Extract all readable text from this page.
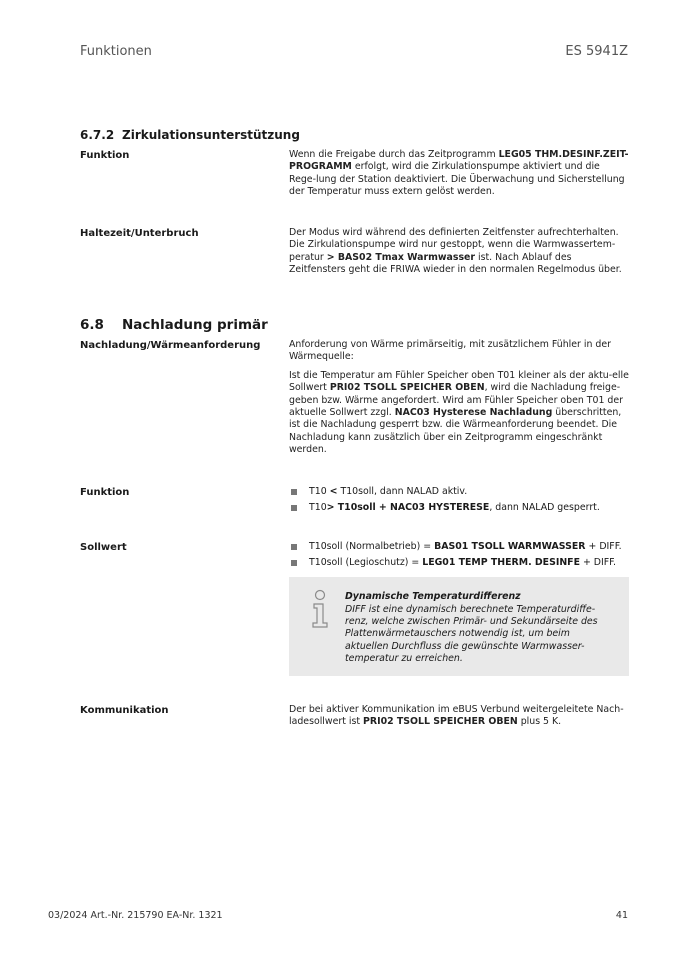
Funktionen	ES 5941Z
6.7.2 Zirkulationsunterstützung
Funktion	Wenn die Freigabe durch das Zeitprogramm LEG05 THM.DESINF.ZEIT-PROGRAMM erfolgt, wird die Zirkulationspumpe aktiviert und die Rege-lung der Station deaktiviert. Die Überwachung und Sicherstellung der Temperatur muss extern gelöst werden.

Haltezeit/Unterbruch	Der Modus wird während des definierten Zeitfenster aufrechterhalten. Die Zirkulationspumpe wird nur gestoppt, wenn die Warmwassertem-peratur > BAS02 Tmax Warmwasser ist. Nach Ablauf des Zeitfensters geht die FRIWA wieder in den normalen Regelmodus über.

6.8 Nachladung primär
Nachladung/Wärmeanforderung	Anforderung von Wärme primärseitig, mit zusätzlichem Fühler in der Wärmequelle:

Ist die Temperatur am Fühler Speicher oben T01 kleiner als der aktu-elle Sollwert PRI02 TSOLL SPEICHER OBEN, wird die Nachladung freige-geben bzw. Wärme angefordert. Wird am Fühler Speicher oben T01 der aktuelle Sollwert zzgl. NAC03 Hysterese Nachladung überschritten, ist die Nachladung gesperrt bzw. die Wärmeanforderung beendet. Die Nachladung kann zusätzlich über ein Zeitprogramm eingeschränkt werden.

Funktion	T10 < T10soll, dann NALAD aktiv.
T10> T10soll + NAC03 HYSTERESE, dann NALAD gesperrt.
Sollwert	T10soll (Normalbetrieb) = BAS01 TSOLL WARMWASSER + DIFF.
T10soll (Legioschutz) = LEG01 TEMP THERM. DESINFE + DIFF.
Dynamische Temperaturdifferenz
DIFF ist eine dynamisch berechnete Temperaturdiffe-renz, welche zwischen Primär- und Sekundärseite des Plattenwärmetauschers notwendig ist, um beim aktuellen Durchfluss die gewünschte Warmwasser-temperatur zu erreichen.
Kommunikation	Der bei aktiver Kommunikation im eBUS Verbund weitergeleitete Nach-ladesollwert ist PRI02 TSOLL SPEICHER OBEN plus 5 K.

03/2024 Art.-Nr. 215790 EA-Nr. 1321	41
